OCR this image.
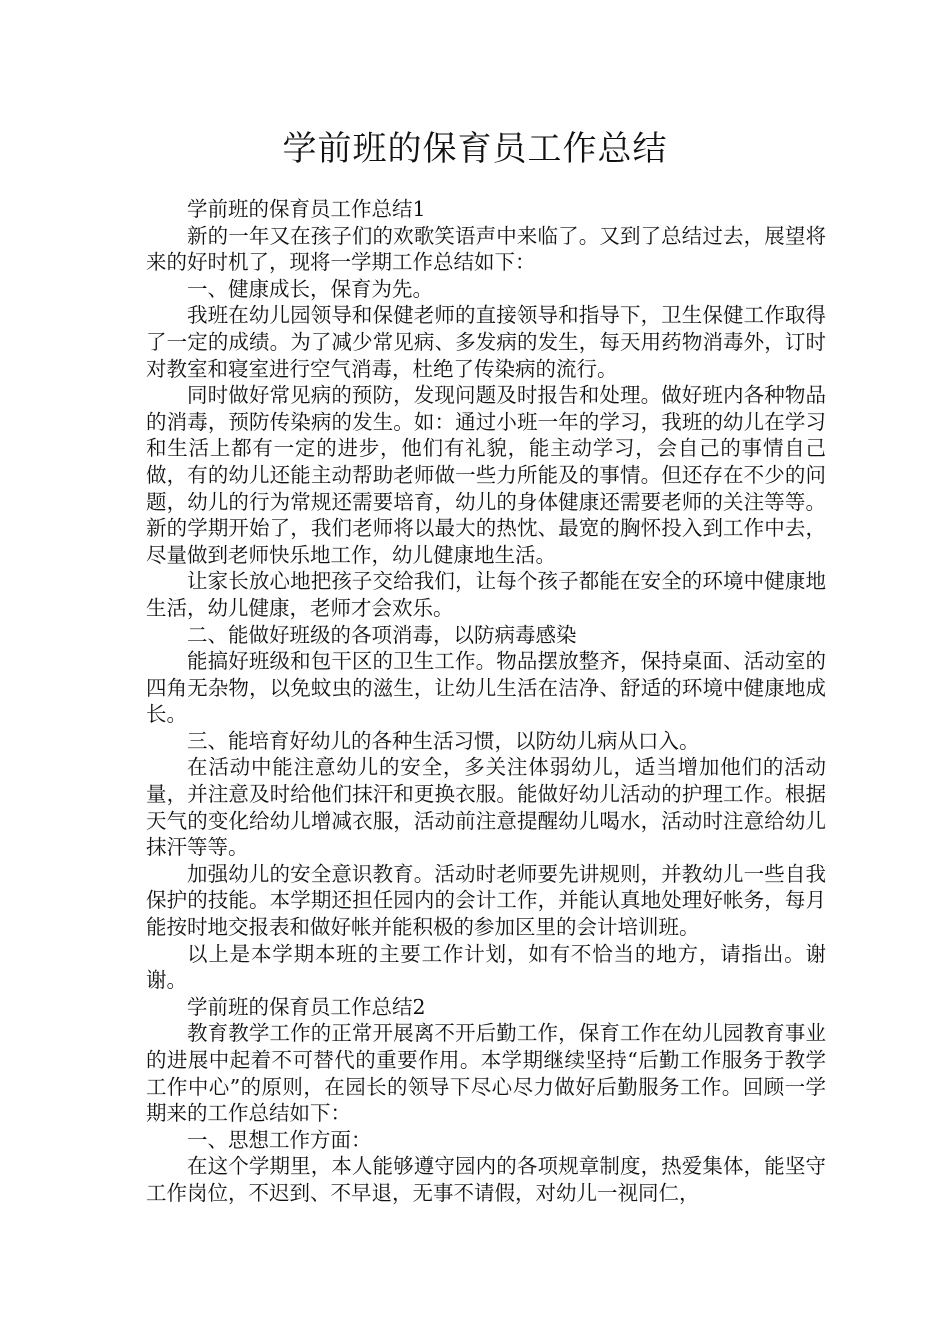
学前班的保育员工作总结

学前班的保育员工作总结1

新的一年又在孩子们的欢歌笑语声中来临了。又到了总结过去，展望将来的好时机了，现将一学期工作总结如下：

一、健康成长，保育为先。

我班在幼儿园领导和保健老师的直接领导和指导下，卫生保健工作取得了一定的成绩。为了减少常见病、多发病的发生，每天用药物消毒外，订时对教室和寝室进行空气消毒，杜绝了传染病的流行。

同时做好常见病的预防，发现问题及时报告和处理。做好班内各种物品的消毒，预防传染病的发生。如：通过小班一年的学习，我班的幼儿在学习和生活上都有一定的进步，他们有礼貌，能主动学习，会自己的事情自己做，有的幼儿还能主动帮助老师做一些力所能及的事情。但还存在不少的问题，幼儿的行为常规还需要培育，幼儿的身体健康还需要老师的关注等等。新的学期开始了，我们老师将以最大的热忱、最宽的胸怀投入到工作中去，尽量做到老师快乐地工作，幼儿健康地生活。

让家长放心地把孩子交给我们，让每个孩子都能在安全的环境中健康地生活，幼儿健康，老师才会欢乐。

二、能做好班级的各项消毒，以防病毒感染

能搞好班级和包干区的卫生工作。物品摆放整齐，保持桌面、活动室的四角无杂物，以免蚊虫的滋生，让幼儿生活在洁净、舒适的环境中健康地成长。

三、能培育好幼儿的各种生活习惯，以防幼儿病从口入。

在活动中能注意幼儿的安全，多关注体弱幼儿，适当增加他们的活动量，并注意及时给他们抹汗和更换衣服。能做好幼儿活动的护理工作。根据天气的变化给幼儿增减衣服，活动前注意提醒幼儿喝水，活动时注意给幼儿抹汗等等。

加强幼儿的安全意识教育。活动时老师要先讲规则，并教幼儿一些自我保护的技能。本学期还担任园内的会计工作，并能认真地处理好帐务，每月能按时地交报表和做好帐并能积极的参加区里的会计培训班。

以上是本学期本班的主要工作计划，如有不恰当的地方，请指出。谢谢。

学前班的保育员工作总结2

教育教学工作的正常开展离不开后勤工作，保育工作在幼儿园教育事业的进展中起着不可替代的重要作用。本学期继续坚持“后勤工作服务于教学工作中心”的原则，在园长的领导下尽心尽力做好后勤服务工作。回顾一学期来的工作总结如下：

一、思想工作方面：

在这个学期里，本人能够遵守园内的各项规章制度，热爱集体，能坚守工作岗位，不迟到、不早退，无事不请假，对幼儿一视同仁，
